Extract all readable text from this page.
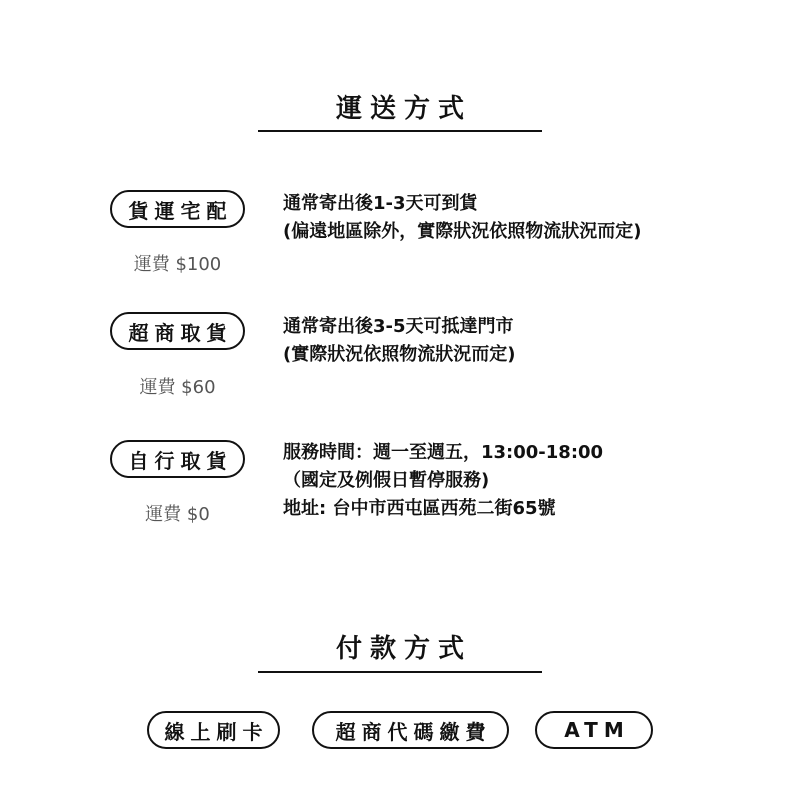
運送方式
貨運宅配
運費 $100
通常寄出後1-3天可到貨
(偏遠地區除外，實際狀況依照物流狀況而定)
超商取貨
運費 $60
通常寄出後3-5天可抵達門市
(實際狀況依照物流狀況而定)
自行取貨
運費 $0
服務時間：週一至週五，13:00-18:00
（國定及例假日暫停服務)
地址: 台中市西屯區西苑二街65號
付款方式
線上刷卡	超商代碼繳費	ATM
